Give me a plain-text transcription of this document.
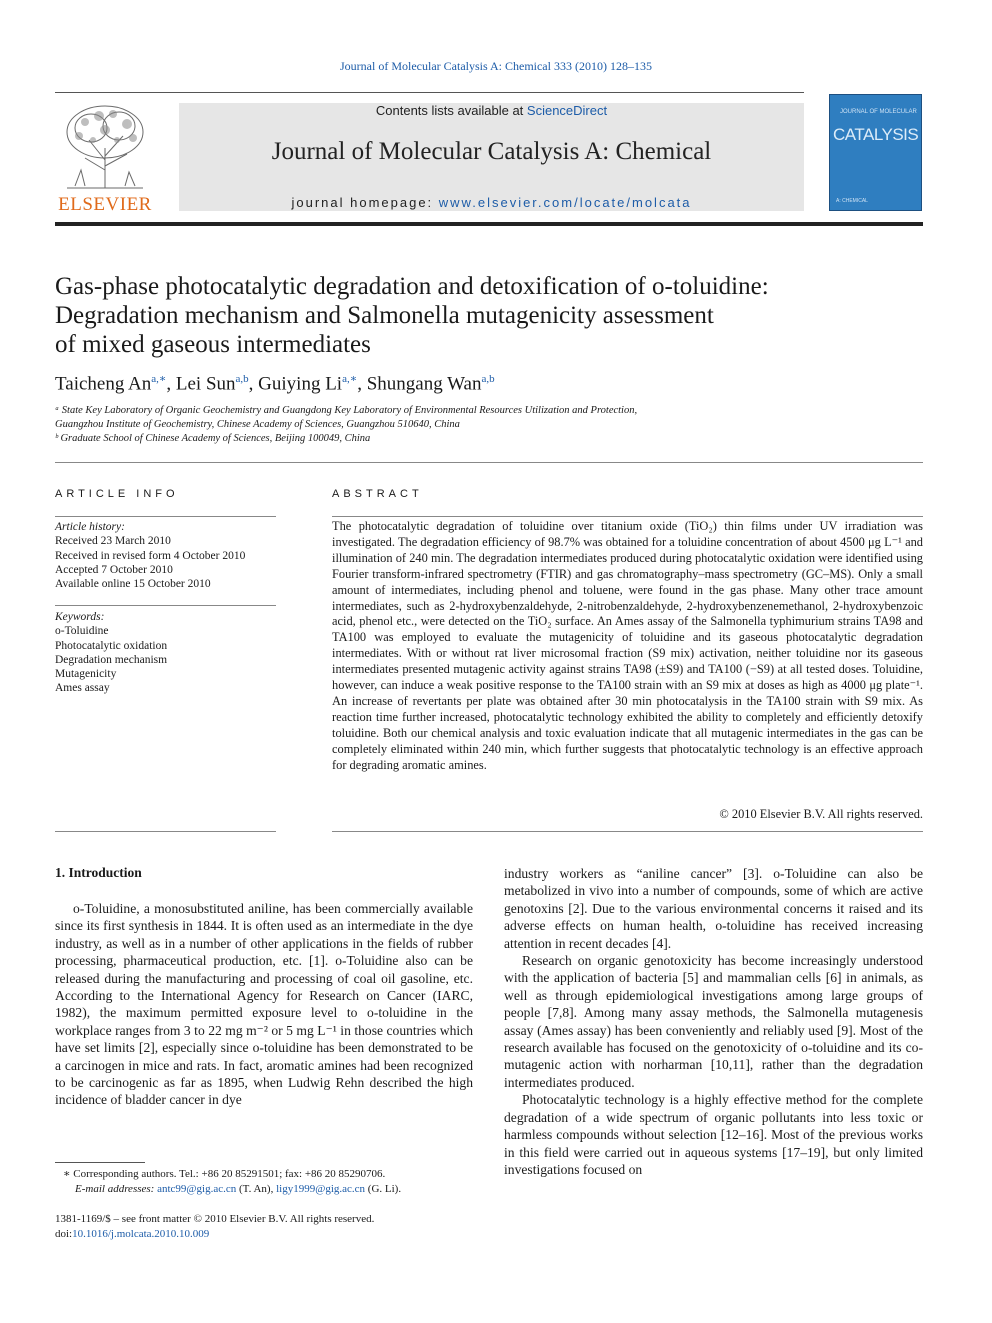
Journal of Molecular Catalysis A: Chemical 333 (2010) 128–135
ELSEVIER
Contents lists available at ScienceDirect
Journal of Molecular Catalysis A: Chemical
journal homepage: www.elsevier.com/locate/molcata
JOURNAL OF MOLECULAR
CATALYSIS
A: CHEMICAL
Gas-phase photocatalytic degradation and detoxification of o-toluidine:
Degradation mechanism and Salmonella mutagenicity assessment
of mixed gaseous intermediates
Taicheng $An^{a,∗}$, Lei Sun$^{a,b}$, Guiying $Li^{a,∗}$, Shungang Wan$^{a,b}$
ᵃ State Key Laboratory of Organic Geochemistry and Guangdong Key Laboratory of Environmental Resources Utilization and Protection,
Guangzhou Institute of Geochemistry, Chinese Academy of Sciences, Guangzhou 510640, China
ᵇ Graduate School of Chinese Academy of Sciences, Beijing 100049, China
ARTICLE INFO
Article history:
Received 23 March 2010
Received in revised form 4 October 2010
Accepted 7 October 2010
Available online 15 October 2010
Keywords:
o-Toluidine
Photocatalytic oxidation
Degradation mechanism
Mutagenicity
Ames assay
ABSTRACT
The photocatalytic degradation of toluidine over titanium oxide (TiO₂) thin films under UV irradiation was investigated. The degradation efficiency of 98.7% was obtained for a toluidine concentration of about 4500 μg L⁻¹ and illumination of 240 min. The degradation intermediates produced during photocatalytic oxidation were identified using Fourier transform-infrared spectrometry (FTIR) and gas chromatography–mass spectrometry (GC–MS). Only a small amount of intermediates, including phenol and toluene, were found in the gas phase. Many other trace amount intermediates, such as 2-hydroxybenzaldehyde, 2-nitrobenzaldehyde, 2-hydroxybenzenemethanol, 2-hydroxybenzoic acid, phenol etc., were detected on the TiO₂ surface. An Ames assay of the Salmonella typhimurium strains TA98 and TA100 was employed to evaluate the mutagenicity of toluidine and its gaseous photocatalytic degradation intermediates. With or without rat liver microsomal fraction (S9 mix) activation, neither toluidine nor its gaseous intermediates presented mutagenic activity against strains TA98 (±S9) and TA100 (−S9) at all tested doses. Toluidine, however, can induce a weak positive response to the TA100 strain with an S9 mix at doses as high as 4000 μg plate⁻¹. An increase of revertants per plate was obtained after 30 min photocatalysis in the TA100 strain with S9 mix. As reaction time further increased, photocatalytic technology exhibited the ability to completely and efficiently detoxify toluidine. Both our chemical analysis and toxic evaluation indicate that all mutagenic intermediates in the gas can be completely eliminated within 240 min, which further suggests that photocatalytic technology is an effective approach for degrading aromatic amines.
© 2010 Elsevier B.V. All rights reserved.
1. Introduction

o-Toluidine, a monosubstituted aniline, has been commercially available since its first synthesis in 1844. It is often used as an intermediate in the dye industry, as well as in a number of other applications in the fields of rubber processing, pharmaceutical production, etc. [1]. o-Toluidine also can be released during the manufacturing and processing of coal oil gasoline, etc. According to the International Agency for Research on Cancer (IARC, 1982), the maximum permitted exposure level to o-toluidine in the workplace ranges from 3 to 22 mg m⁻² or 5 mg L⁻¹ in those countries which have set limits [2], especially since o-toluidine has been demonstrated to be a carcinogen in mice and rats. In fact, aromatic amines had been recognized to be carcinogenic as far as 1895, when Ludwig Rehn described the high incidence of bladder cancer in dye

industry workers as “aniline cancer” [3]. o-Toluidine can also be metabolized in vivo into a number of compounds, some of which are active genotoxins [2]. Due to the various environmental concerns it raised and its adverse effects on human health, o-toluidine has received increasing attention in recent decades [4].

Research on organic genotoxicity has become increasingly understood with the application of bacteria [5] and mammalian cells [6] in animals, as well as through epidemiological investigations among large groups of people [7,8]. Among many assay methods, the Salmonella mutagenesis assay (Ames assay) has been conveniently and reliably used [9]. Most of the research available has focused on the genotoxicity of o-toluidine and its co-mutagenic action with norharman [10,11], rather than the degradation intermediates produced.

Photocatalytic technology is a highly effective method for the complete degradation of a wide spectrum of organic pollutants into less toxic or harmless compounds without selection [12–16]. Most of the previous works in this field were carried out in aqueous systems [17–19], but only limited investigations focused on

∗ Corresponding authors. Tel.: +86 20 85291501; fax: +86 20 85290706.
E-mail addresses: antc99@gig.ac.cn (T. An), ligy1999@gig.ac.cn (G. Li).
1381-1169/$ – see front matter © 2010 Elsevier B.V. All rights reserved.
doi:10.1016/j.molcata.2010.10.009
